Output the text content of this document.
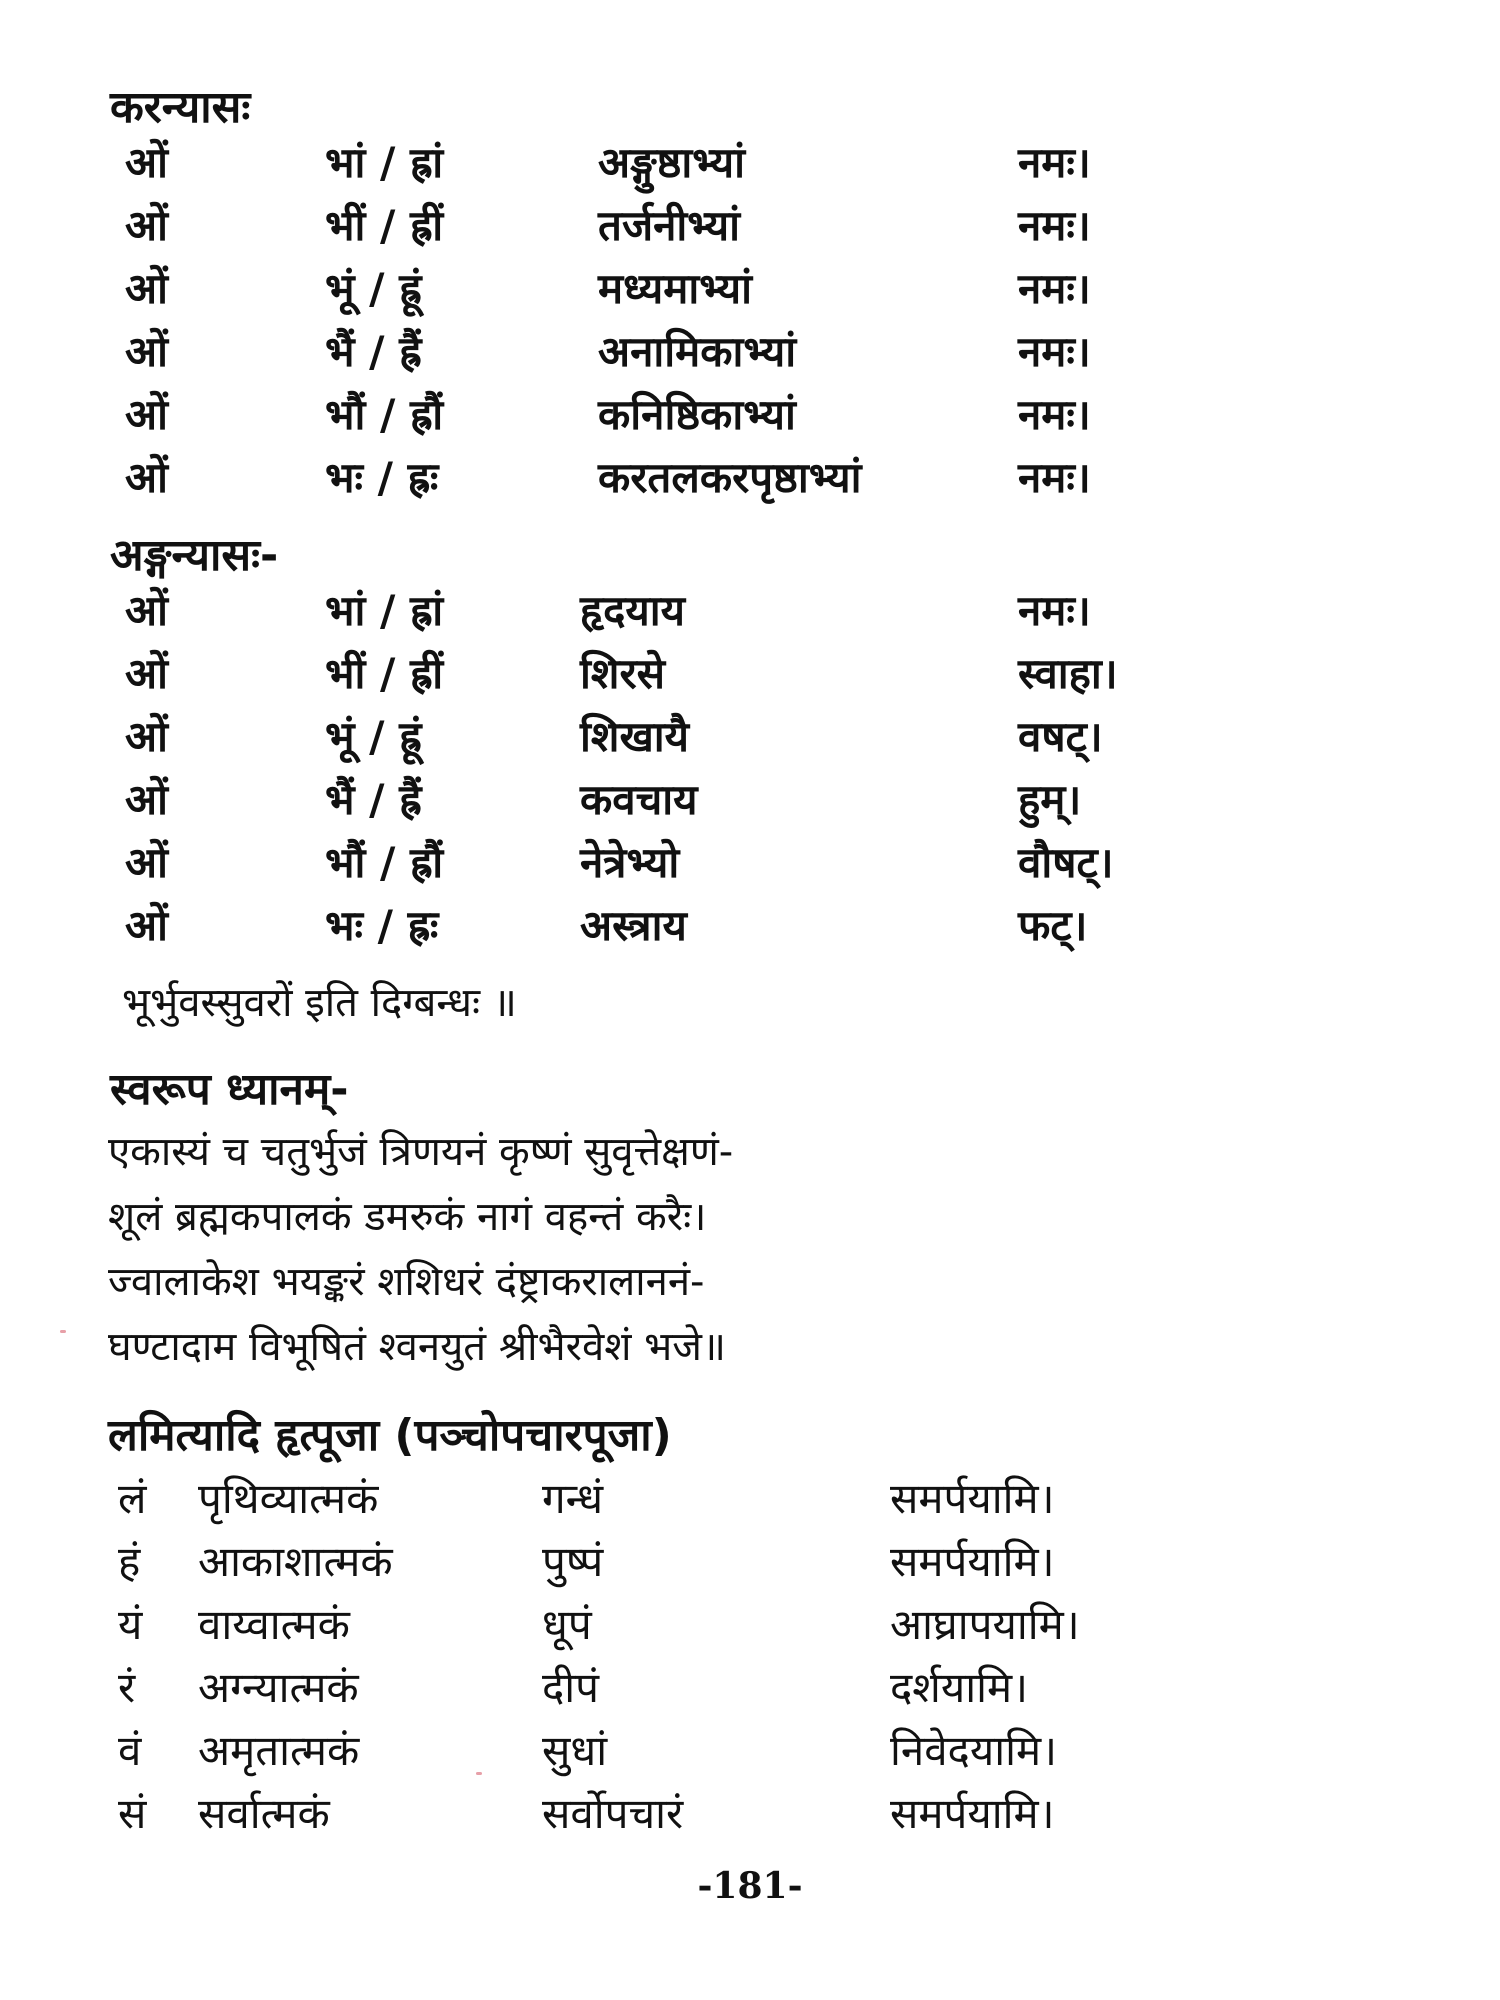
करन्यासः
ओं	भां / ह्रां	अङ्गुष्ठाभ्यां	नमः।
ओं	भीं / ह्रीं	तर्जनीभ्यां	नमः।
ओं	भूं / ह्रूं	मध्यमाभ्यां	नमः।
ओं	भैं / ह्रैं	अनामिकाभ्यां	नमः।
ओं	भौं / ह्रौं	कनिष्ठिकाभ्यां	नमः।
ओं	भः / ह्रः	करतलकरपृष्ठाभ्यां	नमः।
अङ्गन्यासः-
ओं	भां / ह्रां	हृदयाय	नमः।
ओं	भीं / ह्रीं	शिरसे	स्वाहा।
ओं	भूं / ह्रूं	शिखायै	वषट्।
ओं	भैं / ह्रैं	कवचाय	हुम्।
ओं	भौं / ह्रौं	नेत्रेभ्यो	वौषट्।
ओं	भः / ह्रः	अस्त्राय	फट्।
भूर्भुवस्सुवरों इति दिग्बन्धः ॥
स्वरूप ध्यानम्-
एकास्यं च चतुर्भुजं त्रिणयनं कृष्णं सुवृत्तेक्षणं-
शूलं ब्रह्मकपालकं डमरुकं नागं वहन्तं करैः।
ज्वालाकेश भयङ्करं शशिधरं दंष्ट्राकरालाननं-
घण्टादाम विभूषितं श्वनयुतं श्रीभैरवेशं भजे॥
लमित्यादि हृत्पूजा (पञ्चोपचारपूजा)
लं पृथिव्यात्मकं	गन्धं	समर्पयामि।
हं आकाशात्मकं	पुष्पं	समर्पयामि।
यं वाय्वात्मकं	धूपं	आघ्रापयामि।
रं अग्न्यात्मकं	दीपं	दर्शयामि।
वं अमृतात्मकं	सुधां	निवेदयामि।
सं सर्वात्मकं	सर्वोपचारं	समर्पयामि।
-181-
